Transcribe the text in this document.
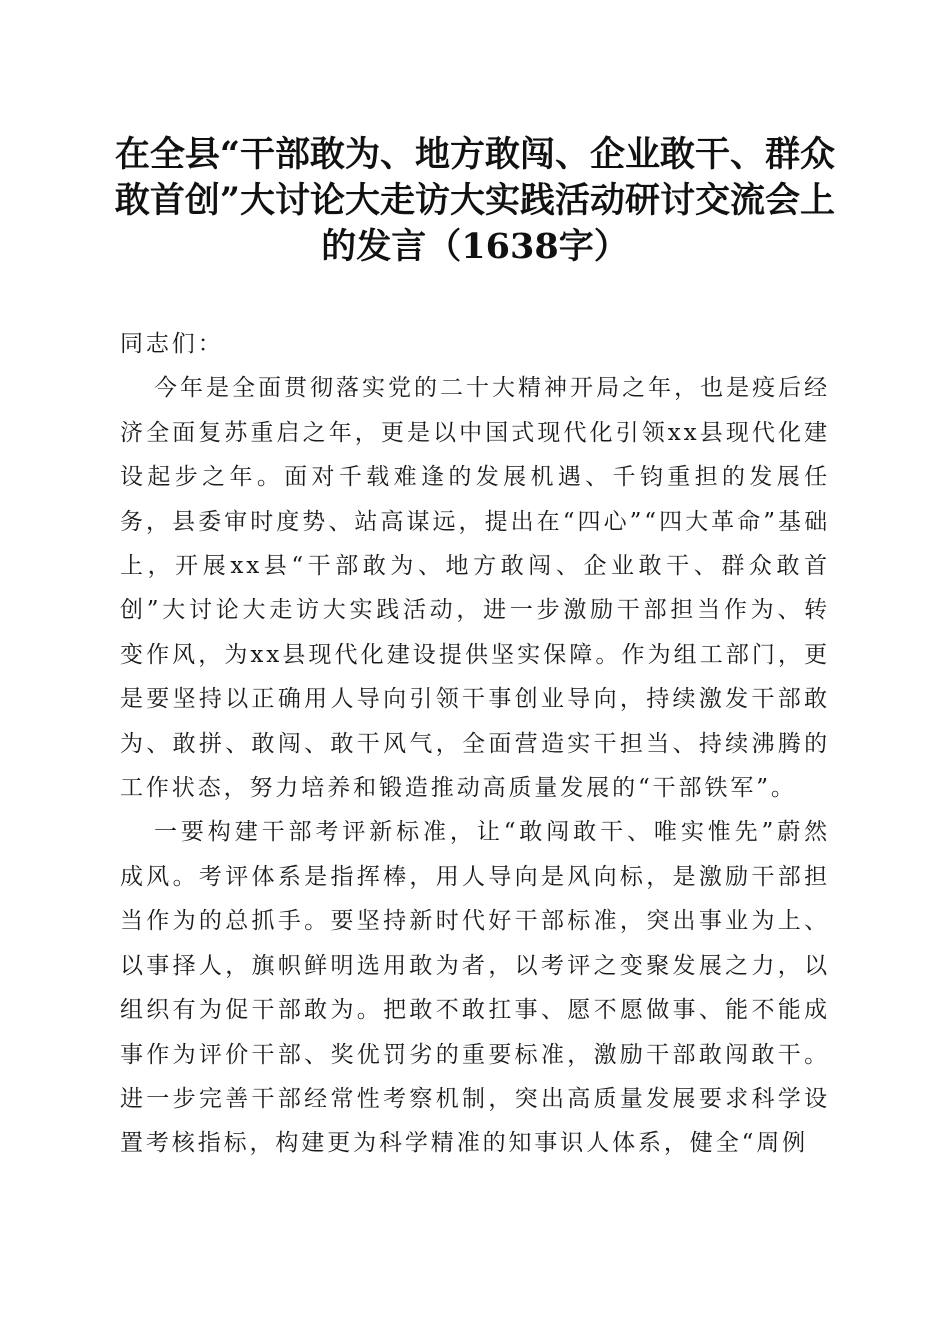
在全县“干部敢为、地方敢闯、企业敢干、群众敢首创”大讨论大走访大实践活动研讨交流会上的发言（1638字）

同志们：

今年是全面贯彻落实党的二十大精神开局之年，也是疫后经济全面复苏重启之年，更是以中国式现代化引领xx县现代化建设起步之年。面对千载难逢的发展机遇、千钧重担的发展任务，县委审时度势、站高谋远，提出在“四心”“四大革命”基础上，开展xx县“干部敢为、地方敢闯、企业敢干、群众敢首创”大讨论大走访大实践活动，进一步激励干部担当作为、转变作风，为xx县现代化建设提供坚实保障。作为组工部门，更是要坚持以正确用人导向引领干事创业导向，持续激发干部敢为、敢拼、敢闯、敢干风气，全面营造实干担当、持续沸腾的工作状态，努力培养和锻造推动高质量发展的“干部铁军”。

一要构建干部考评新标准，让“敢闯敢干、唯实惟先”蔚然成风。考评体系是指挥棒，用人导向是风向标，是激励干部担当作为的总抓手。要坚持新时代好干部标准，突出事业为上、以事择人，旗帜鲜明选用敢为者，以考评之变聚发展之力，以组织有为促干部敢为。把敢不敢扛事、愿不愿做事、能不能成事作为评价干部、奖优罚劣的重要标准，激励干部敢闯敢干。进一步完善干部经常性考察机制，突出高质量发展要求科学设置考核指标，构建更为科学精准的知事识人体系，健全“周例
